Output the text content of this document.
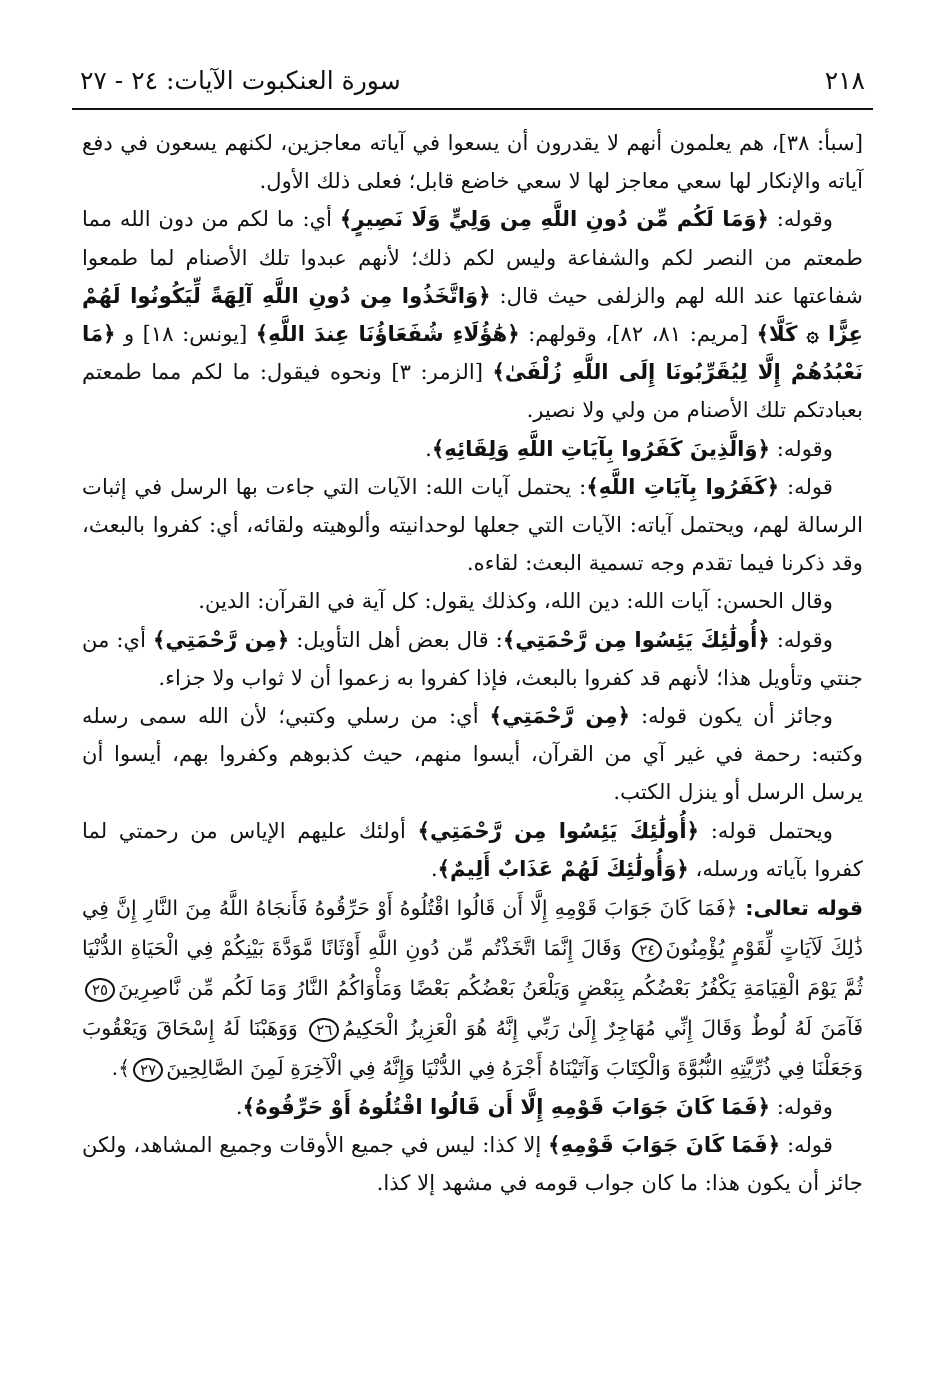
٢١٨
سورة العنكبوت الآيات: ٢٤ - ٢٧

[سبأ: ٣٨]، هم يعلمون أنهم لا يقدرون أن يسعوا في آياته معاجزين، لكنهم يسعون في دفع آياته والإنكار لها سعي معاجز لها لا سعي خاضع قابل؛ فعلى ذلك الأول.

وقوله: ﴿وَمَا لَكُم مِّن دُونِ اللَّهِ مِن وَلِيٍّ وَلَا نَصِيرٍ﴾ أي: ما لكم من دون الله مما طمعتم من النصر لكم والشفاعة وليس لكم ذلك؛ لأنهم عبدوا تلك الأصنام لما طمعوا شفاعتها عند الله لهم والزلفى حيث قال: ﴿وَاتَّخَذُوا مِن دُونِ اللَّهِ آلِهَةً لِّيَكُونُوا لَهُمْ عِزًّا ۞ كَلَّا﴾ [مريم: ٨١، ٨٢]، وقولهم: ﴿هَٰؤُلَاءِ شُفَعَاؤُنَا عِندَ اللَّهِ﴾ [يونس: ١٨] و ﴿مَا نَعْبُدُهُمْ إِلَّا لِيُقَرِّبُونَا إِلَى اللَّهِ زُلْفَىٰ﴾ [الزمر: ٣] ونحوه فيقول: ما لكم مما طمعتم بعبادتكم تلك الأصنام من ولي ولا نصير.

وقوله: ﴿وَالَّذِينَ كَفَرُوا بِآيَاتِ اللَّهِ وَلِقَائِهِ﴾.

قوله: ﴿كَفَرُوا بِآيَاتِ اللَّهِ﴾: يحتمل آيات الله: الآيات التي جاءت بها الرسل في إثبات الرسالة لهم، ويحتمل آياته: الآيات التي جعلها لوحدانيته وألوهيته ولقائه، أي: كفروا بالبعث، وقد ذكرنا فيما تقدم وجه تسمية البعث: لقاءه.

وقال الحسن: آيات الله: دين الله، وكذلك يقول: كل آية في القرآن: الدين.

وقوله: ﴿أُولَٰئِكَ يَئِسُوا مِن رَّحْمَتِي﴾: قال بعض أهل التأويل: ﴿مِن رَّحْمَتِي﴾ أي: من جنتي وتأويل هذا؛ لأنهم قد كفروا بالبعث، فإذا كفروا به زعموا أن لا ثواب ولا جزاء.

وجائز أن يكون قوله: ﴿مِن رَّحْمَتِي﴾ أي: من رسلي وكتبي؛ لأن الله سمى رسله وكتبه: رحمة في غير آي من القرآن، أيسوا منهم، حيث كذبوهم وكفروا بهم، أيسوا أن يرسل الرسل أو ينزل الكتب.

ويحتمل قوله: ﴿أُولَٰئِكَ يَئِسُوا مِن رَّحْمَتِي﴾ أولئك عليهم الإياس من رحمتي لما كفروا بآياته ورسله، ﴿وَأُولَٰئِكَ لَهُمْ عَذَابٌ أَلِيمٌ﴾.

قوله تعالى: ﴿فَمَا كَانَ جَوَابَ قَوْمِهِ إِلَّا أَن قَالُوا اقْتُلُوهُ أَوْ حَرِّقُوهُ فَأَنجَاهُ اللَّهُ مِنَ النَّارِ إِنَّ فِي ذَٰلِكَ لَآيَاتٍ لِّقَوْمٍ يُؤْمِنُونَ٢٤ وَقَالَ إِنَّمَا اتَّخَذْتُم مِّن دُونِ اللَّهِ أَوْثَانًا مَّوَدَّةَ بَيْنِكُمْ فِي الْحَيَاةِ الدُّنْيَا ثُمَّ يَوْمَ الْقِيَامَةِ يَكْفُرُ بَعْضُكُم بِبَعْضٍ وَيَلْعَنُ بَعْضُكُم بَعْضًا وَمَأْوَاكُمُ النَّارُ وَمَا لَكُم مِّن نَّاصِرِينَ٢٥ فَآمَنَ لَهُ لُوطٌ وَقَالَ إِنِّي مُهَاجِرٌ إِلَىٰ رَبِّي إِنَّهُ هُوَ الْعَزِيزُ الْحَكِيمُ٢٦ وَوَهَبْنَا لَهُ إِسْحَاقَ وَيَعْقُوبَ وَجَعَلْنَا فِي ذُرِّيَّتِهِ النُّبُوَّةَ وَالْكِتَابَ وَآتَيْنَاهُ أَجْرَهُ فِي الدُّنْيَا وَإِنَّهُ فِي الْآخِرَةِ لَمِنَ الصَّالِحِينَ٢٧﴾.

وقوله: ﴿فَمَا كَانَ جَوَابَ قَوْمِهِ إِلَّا أَن قَالُوا اقْتُلُوهُ أَوْ حَرِّقُوهُ﴾.

قوله: ﴿فَمَا كَانَ جَوَابَ قَوْمِهِ﴾ إلا كذا: ليس في جميع الأوقات وجميع المشاهد، ولكن جائز أن يكون هذا: ما كان جواب قومه في مشهد إلا كذا.
